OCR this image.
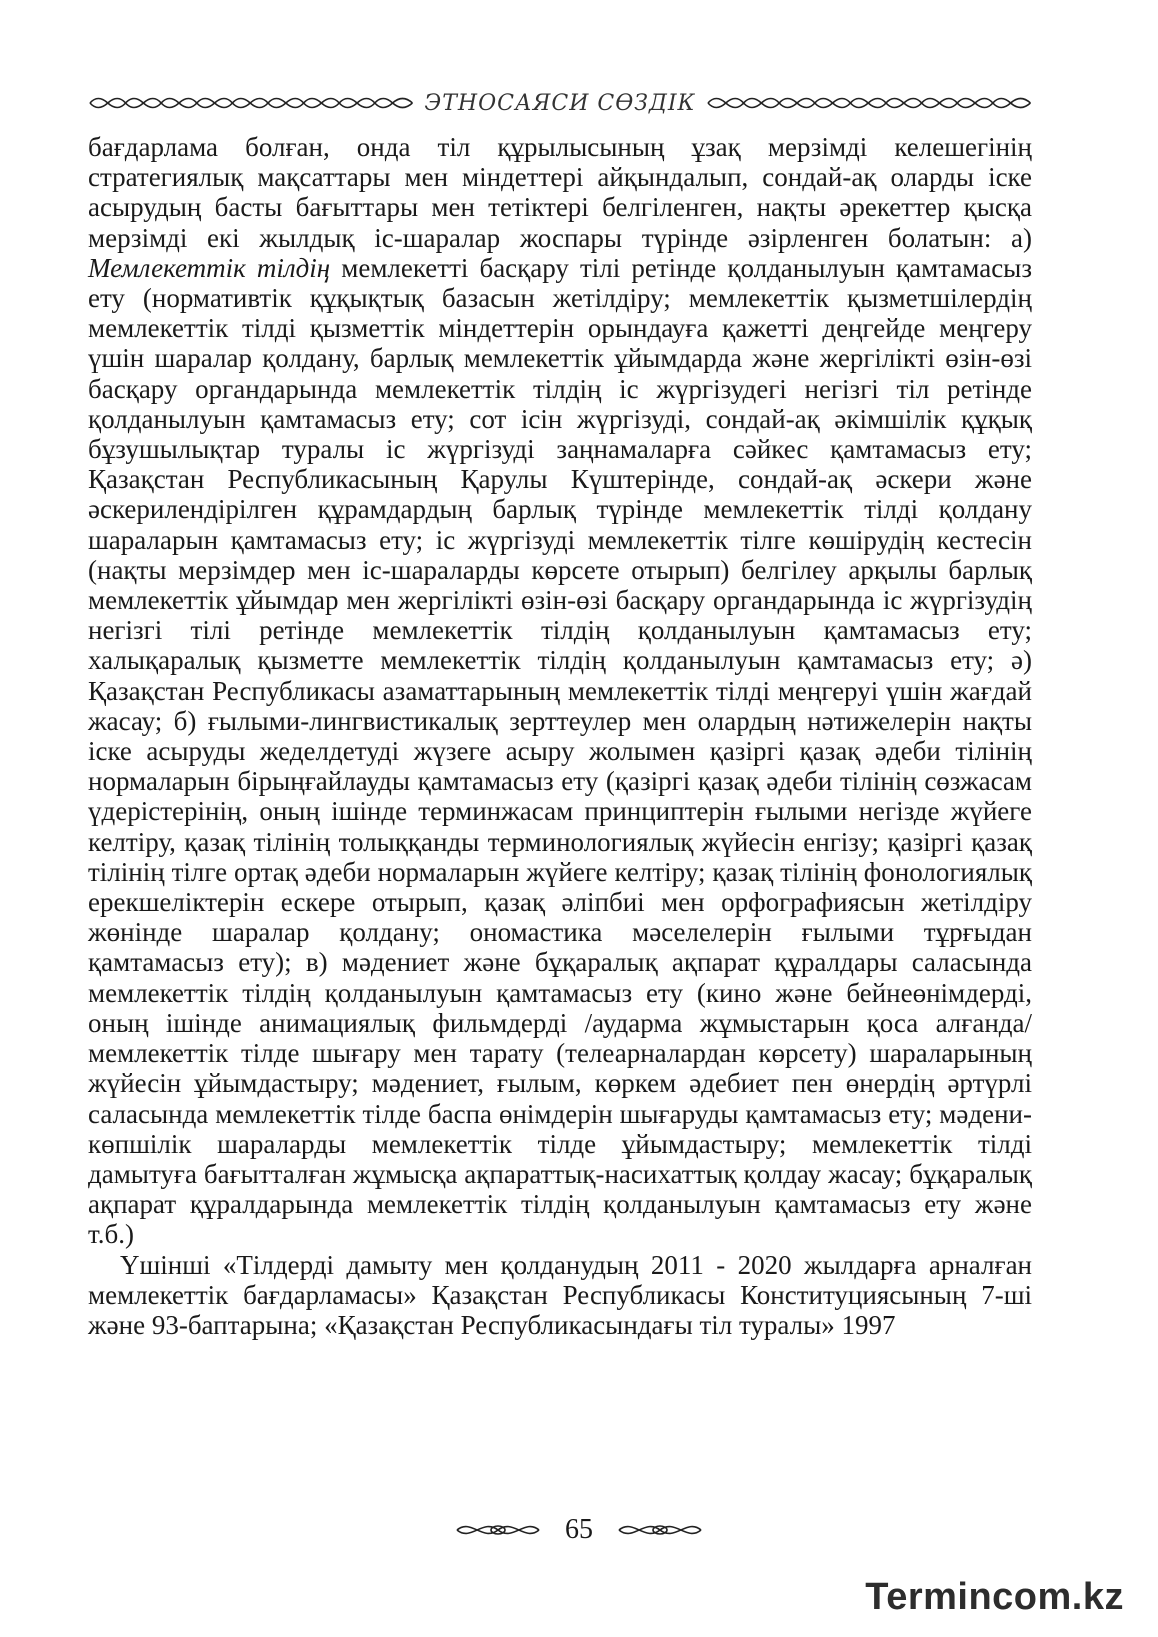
ЭТНОСАЯСИ СӨЗДІК

бағдарлама болған, онда тіл құрылысының ұзақ мерзімді келешегінің стратегиялық мақсаттары мен міндеттері айқындалып, сондай-ақ оларды іске асырудың басты бағыттары мен тетіктері белгіленген, нақты әрекеттер қысқа мерзімді екі жылдық іс-шаралар жоспары түрінде әзірленген болатын: а) Мемлекеттік тілдің мемлекетті басқару тілі ретінде қолданылуын қамтамасыз ету (нормативтік құқықтық базасын жетілдіру; мемлекеттік қызметшілердің мемлекеттік тілді қызметтік міндеттерін орындауға қажетті деңгейде меңгеру үшін шаралар қолдану, барлық мемлекеттік ұйымдарда және жергілікті өзін-өзі басқару органдарында мемлекеттік тілдің іс жүргізудегі негізгі тіл ретінде қолданылуын қамтамасыз ету; сот ісін жүргізуді, сондай-ақ әкімшілік құқық бұзушылықтар туралы іс жүргізуді заңнамаларға сәйкес қамтамасыз ету; Қазақстан Республикасының Қарулы Күштерінде, сондай-ақ әскери және әскерилендірілген құрамдардың барлық түрінде мемлекеттік тілді қолдану шараларын қамтамасыз ету; іс жүргізуді мемлекеттік тілге көшірудің кестесін (нақты мерзімдер мен іс-шараларды көрсете отырып) белгілеу арқылы барлық мемлекеттік ұйымдар мен жергілікті өзін-өзі басқару органдарында іс жүргізудің негізгі тілі ретінде мемлекеттік тілдің қолданылуын қамтамасыз ету; халықаралық қызметте мемлекеттік тілдің қолданылуын қамтамасыз ету; ә) Қазақстан Республикасы азаматтарының мемлекеттік тілді меңгеруі үшін жағдай жасау; б) ғылыми-лингвистикалық зерттеулер мен олардың нәтижелерін нақты іске асыруды жеделдетуді жүзеге асыру жолымен қазіргі қазақ әдеби тілінің нормаларын бірыңғайлауды қамтамасыз ету (қазіргі қазақ әдеби тілінің сөзжасам үдерістерінің, оның ішінде терминжасам принциптерін ғылыми негізде жүйеге келтіру, қазақ тілінің толыққанды терминологиялық жүйесін енгізу; қазіргі қазақ тілінің тілге ортақ әдеби нормаларын жүйеге келтіру; қазақ тілінің фонологиялық ерекшеліктерін ескере отырып, қазақ әліпбиі мен орфографиясын жетілдіру жөнінде шаралар қолдану; ономастика мәселелерін ғылыми тұрғыдан қамтамасыз ету); в) мәдениет және бұқаралық ақпарат құралдары саласында мемлекеттік тілдің қолданылуын қамтамасыз ету (кино және бейнеөнімдерді, оның ішінде анимациялық фильмдерді /аудармa жұмыстарын қоса алғанда/ мемлекеттік тілде шығару мен тарату (телеарналардан көрсету) шараларының жүйесін ұйымдастыру; мәдениет, ғылым, көркем әдебиет пен өнердің әртүрлі саласында мемлекеттік тілде баспа өнімдерін шығаруды қамтамасыз ету; мәдени-көпшілік шараларды мемлекеттік тілде ұйымдастыру; мемлекеттік тілді дамытуға бағытталған жұмысқа ақпараттық-насихаттық қолдау жасау; бұқаралық ақпарат құралдарында мемлекеттік тілдің қолданылуын қамтамасыз ету және т.б.)

Үшінші «Тілдерді дамыту мен қолданудың 2011 - 2020 жылдарға арналған мемлекеттік бағдарламасы» Қазақстан Республикасы Конституциясының 7-ші және 93-баптарына; «Қазақстан Республикасындағы тіл туралы» 1997

65
Termincom.kz
